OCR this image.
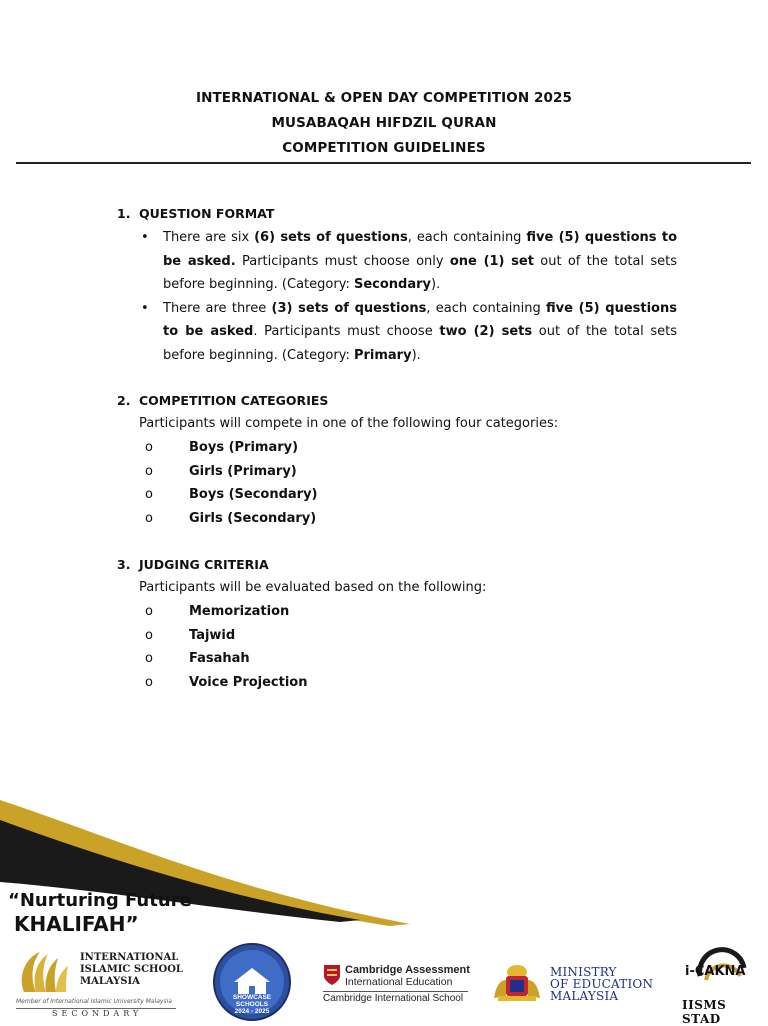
INTERNATIONAL & OPEN DAY COMPETITION 2025
MUSABAQAH HIFDZIL QURAN
COMPETITION GUIDELINES
1. QUESTION FORMAT
• There are six (6) sets of questions, each containing five (5) questions to be asked. Participants must choose only one (1) set out of the total sets before beginning. (Category: Secondary).
• There are three (3) sets of questions, each containing five (5) questions to be asked. Participants must choose two (2) sets out of the total sets before beginning. (Category: Primary).
2. COMPETITION CATEGORIES
Participants will compete in one of the following four categories:
o	Boys (Primary)
o	Girls (Primary)
o	Boys (Secondary)
o	Girls (Secondary)
3. JUDGING CRITERIA
Participants will be evaluated based on the following:
o	Memorization
o	Tajwid
o	Fasahah
o	Voice Projection
“Nurturing Future
KHALIFAH”
INTERNATIONAL
ISLAMIC SCHOOL
MALAYSIA
Member of International Islamic University Malaysia
SECONDARY
SHOWCASE
SCHOOLS
2024 - 2025
Cambridge Assessment
International Education
Cambridge International School
MINISTRY
OF EDUCATION
MALAYSIA
i-CAKNA
IISMS STAD
